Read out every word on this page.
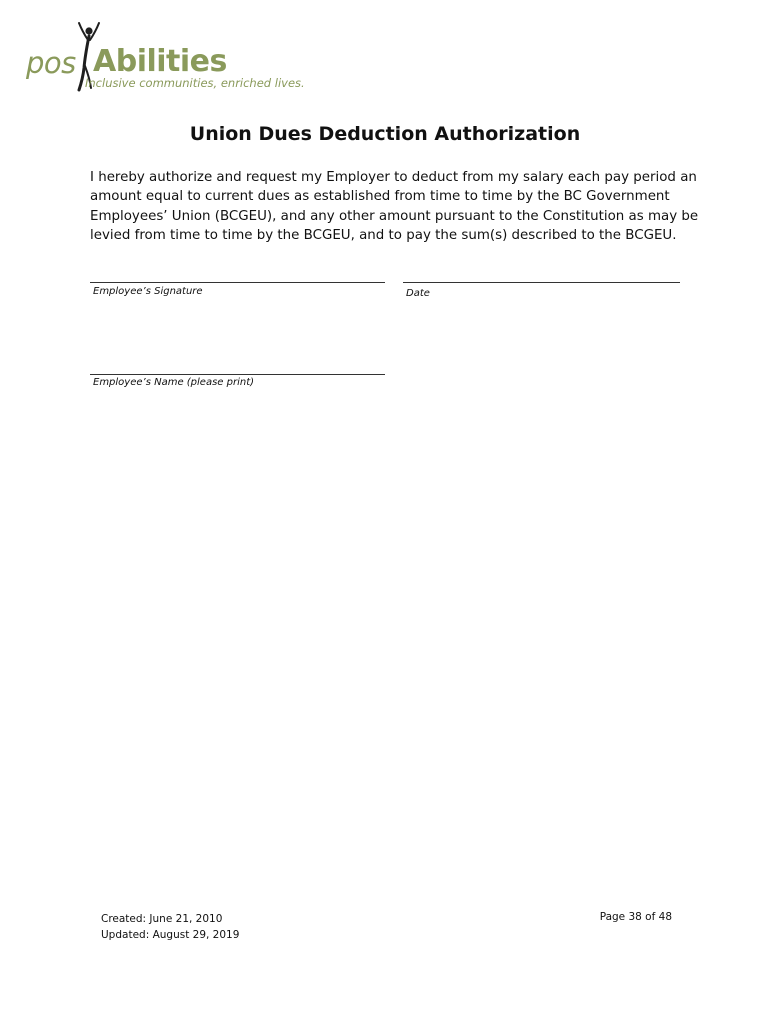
pos Abilities
Inclusive communities, enriched lives.
Union Dues Deduction Authorization
I hereby authorize and request my Employer to deduct from my salary each pay period an
amount equal to current dues as established from time to time by the BC Government
Employees’ Union (BCGEU), and any other amount pursuant to the Constitution as may be
levied from time to time by the BCGEU, and to pay the sum(s) described to the BCGEU.
Employee’s Signature	Date
Employee’s Name (please print)
Created: June 21, 2010
Updated: August 29, 2019
Page 38 of 48
